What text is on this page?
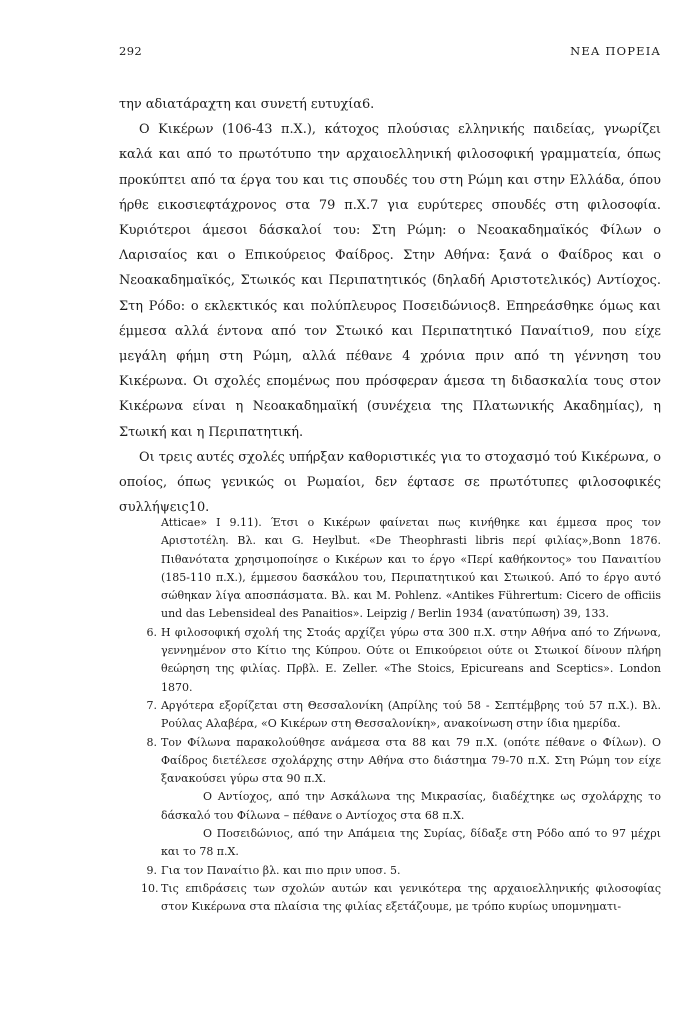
292	ΝΕΑ ΠΟΡΕΙΑ

την αδιατάραχτη και συνετή ευτυχία6.

Ο Κικέρων (106-43 π.Χ.), κάτοχος πλούσιας ελληνικής παιδείας, γνωρίζει καλά και από το πρωτότυπο την αρχαιοελληνική φιλοσοφική γραμματεία, όπως προκύπτει από τα έργα του και τις σπουδές του στη Ρώμη και στην Ελλάδα, όπου ήρθε εικοσιεφτάχρονος στα 79 π.Χ.7 για ευρύτερες σπουδές στη φιλοσοφία. Κυριότεροι άμεσοι δάσκαλοί του: Στη Ρώμη: ο Νεοακαδημαϊκός Φίλων ο Λαρισαίος και ο Επικούρειος Φαίδρος. Στην Αθήνα: ξανά ο Φαίδρος και ο Νεοακαδημαϊκός, Στωικός και Περιπατητικός (δηλαδή Αριστοτελικός) Αντίοχος. Στη Ρόδο: ο εκλεκτικός και πολύπλευρος Ποσειδώνιος8. Επηρεάσθηκε όμως και έμμεσα αλλά έντονα από τον Στωικό και Περιπατητικό Παναίτιο9, που είχε μεγάλη φήμη στη Ρώμη, αλλά πέθανε 4 χρόνια πριν από τη γέννηση του Κικέρωνα. Οι σχολές επομένως που πρόσφεραν άμεσα τη διδασκαλία τους στον Κικέρωνα είναι η Νεοακαδημαϊκή (συνέχεια της Πλατωνικής Ακαδημίας), η Στωική και η Περιπατητική.

Οι τρεις αυτές σχολές υπήρξαν καθοριστικές για το στοχασμό τού Κικέρωνα, ο οποίος, όπως γενικώς οι Ρωμαίοι, δεν έφτασε σε πρωτότυπες φιλοσοφικές συλλήψεις10.

Atticae» I 9.11). Έτσι ο Κικέρων φαίνεται πως κινήθηκε και έμμεσα προς τον Αριστοτέλη. Βλ. και G. Heylbut. «De Theophrasti libris περί φιλίας»,Bonn 1876. Πιθανότατα χρησιμοποίησε ο Κικέρων και το έργο «Περί καθήκοντος» του Παναιτίου (185-110 π.Χ.), έμμεσου δασκάλου του, Περιπατητικού και Στωικού. Από το έργο αυτό σώθηκαν λίγα αποσπάσματα. Βλ. και M. Pohlenz. «Antikes Führertum: Cicero de officiis und das Lebensideal des Panaitios». Leipzig / Berlin 1934 (ανατύπωση) 39, 133.
6. Η φιλοσοφική σχολή της Στοάς αρχίζει γύρω στα 300 π.Χ. στην Αθήνα από το Ζήνωνα, γεννημένον στο Κίτιο της Κύπρου. Ούτε οι Επικούρειοι ούτε οι Στωικοί δίνουν πλήρη θεώρηση της φιλίας. Πρβλ. E. Zeller. «The Stoics, Epicureans and Sceptics». London 1870.
7. Αργότερα εξορίζεται στη Θεσσαλονίκη (Απρίλης τού 58 - Σεπτέμβρης τού 57 π.Χ.). Βλ. Ρούλας Αλαβέρα, «Ο Κικέρων στη Θεσσαλονίκη», ανακοίνωση στην ίδια ημερίδα.
8. Τον Φίλωνα παρακολούθησε ανάμεσα στα 88 και 79 π.Χ. (οπότε πέθανε ο Φίλων). Ο Φαίδρος διετέλεσε σχολάρχης στην Αθήνα στο διάστημα 79-70 π.Χ. Στη Ρώμη τον είχε ξανακούσει γύρω στα 90 π.Χ.
Ο Αντίοχος, από την Ασκάλωνα της Μικρασίας, διαδέχτηκε ως σχολάρχης το δάσκαλό του Φίλωνα – πέθανε ο Αντίοχος στα 68 π.Χ.
Ο Ποσειδώνιος, από την Απάμεια της Συρίας, δίδαξε στη Ρόδο από το 97 μέχρι και το 78 π.Χ.
9. Για τον Παναίτιο βλ. και πιο πριν υποσ. 5.
10. Τις επιδράσεις των σχολών αυτών και γενικότερα της αρχαιοελληνικής φιλοσοφίας στον Κικέρωνα στα πλαίσια της φιλίας εξετάζουμε, με τρόπο κυρίως υπομνηματι-
